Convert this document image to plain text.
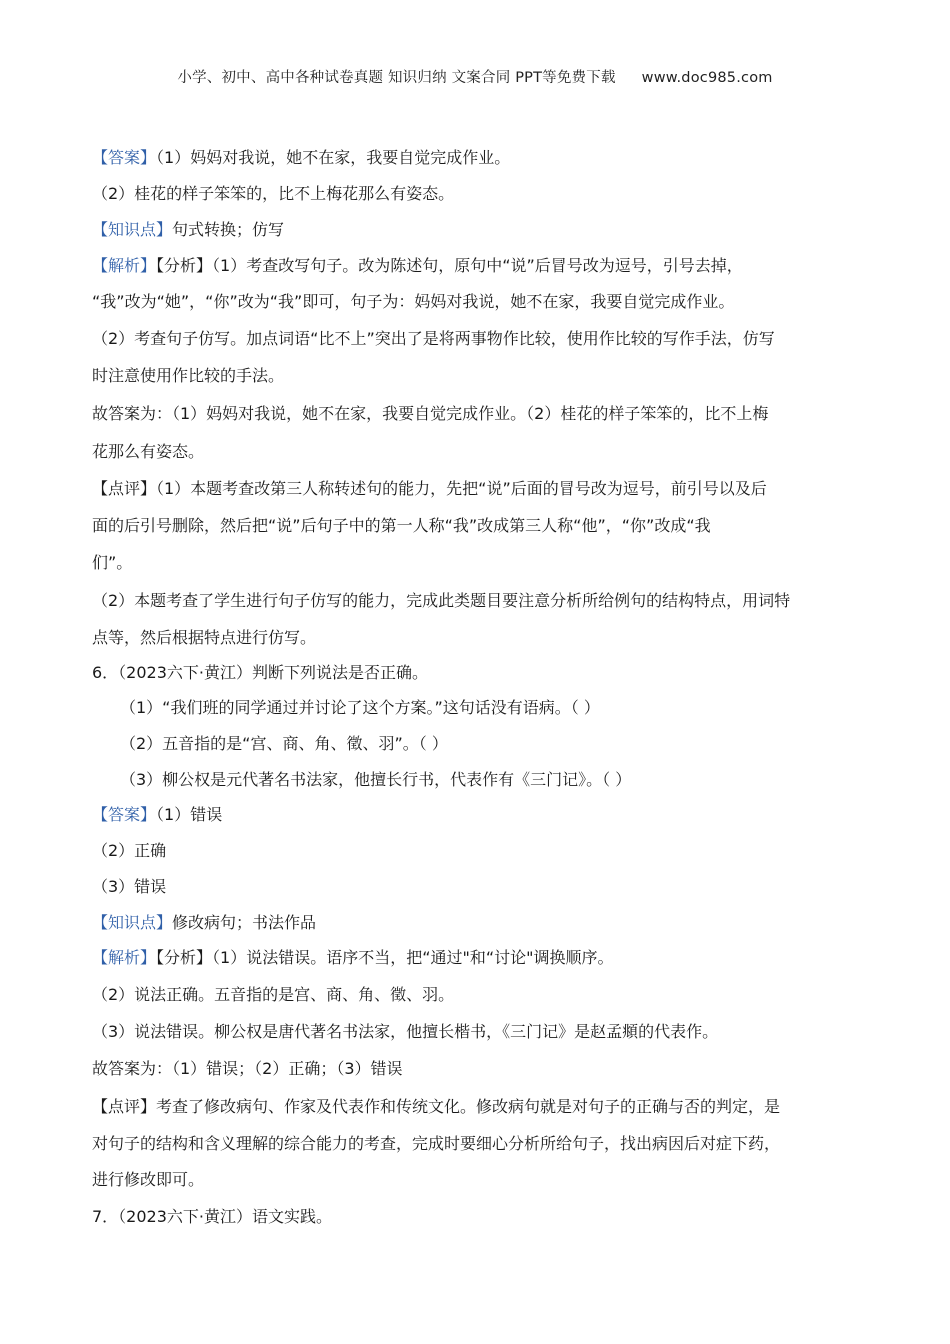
小学、初中、高中各种试卷真题 知识归纳 文案合同 PPT等免费下载 www.doc985.com
【答案】（1）妈妈对我说，她不在家，我要自觉完成作业。
（2）桂花的样子笨笨的，比不上梅花那么有姿态。
【知识点】句式转换；仿写
【解析】【分析】（1）考查改写句子。改为陈述句，原句中“说”后冒号改为逗号，引号去掉，
“我”改为“她”，“你”改为“我”即可，句子为：妈妈对我说，她不在家，我要自觉完成作业。
（2）考查句子仿写。加点词语“比不上”突出了是将两事物作比较，使用作比较的写作手法，仿写
时注意使用作比较的手法。
故答案为：（1）妈妈对我说，她不在家，我要自觉完成作业。（2）桂花的样子笨笨的，比不上梅
花那么有姿态。
【点评】（1）本题考查改第三人称转述句的能力，先把“说”后面的冒号改为逗号，前引号以及后
面的后引号删除，然后把“说”后句子中的第一人称“我”改成第三人称“他”，“你”改成“我
们”。
（2）本题考查了学生进行句子仿写的能力，完成此类题目要注意分析所给例句的结构特点，用词特
点等，然后根据特点进行仿写。
6．（2023六下·黄江）判断下列说法是否正确。
（1）“我们班的同学通过并讨论了这个方案。”这句话没有语病。（ ）
（2）五音指的是“宫、商、角、徵、羽”。（ ）
（3）柳公权是元代著名书法家，他擅长行书，代表作有《三门记》。（ ）
【答案】（1）错误
（2）正确
（3）错误
【知识点】修改病句；书法作品
【解析】【分析】（1）说法错误。语序不当，把“通过"和“讨论"调换顺序。
（2）说法正确。五音指的是宫、商、角、徵、羽。
（3）说法错误。柳公权是唐代著名书法家，他擅长楷书，《三门记》是赵孟頫的代表作。
故答案为：（1）错误；（2）正确；（3）错误
【点评】考查了修改病句、作家及代表作和传统文化。修改病句就是对句子的正确与否的判定，是
对句子的结构和含义理解的综合能力的考查，完成时要细心分析所给句子，找出病因后对症下药，
进行修改即可。
7．（2023六下·黄江）语文实践。
